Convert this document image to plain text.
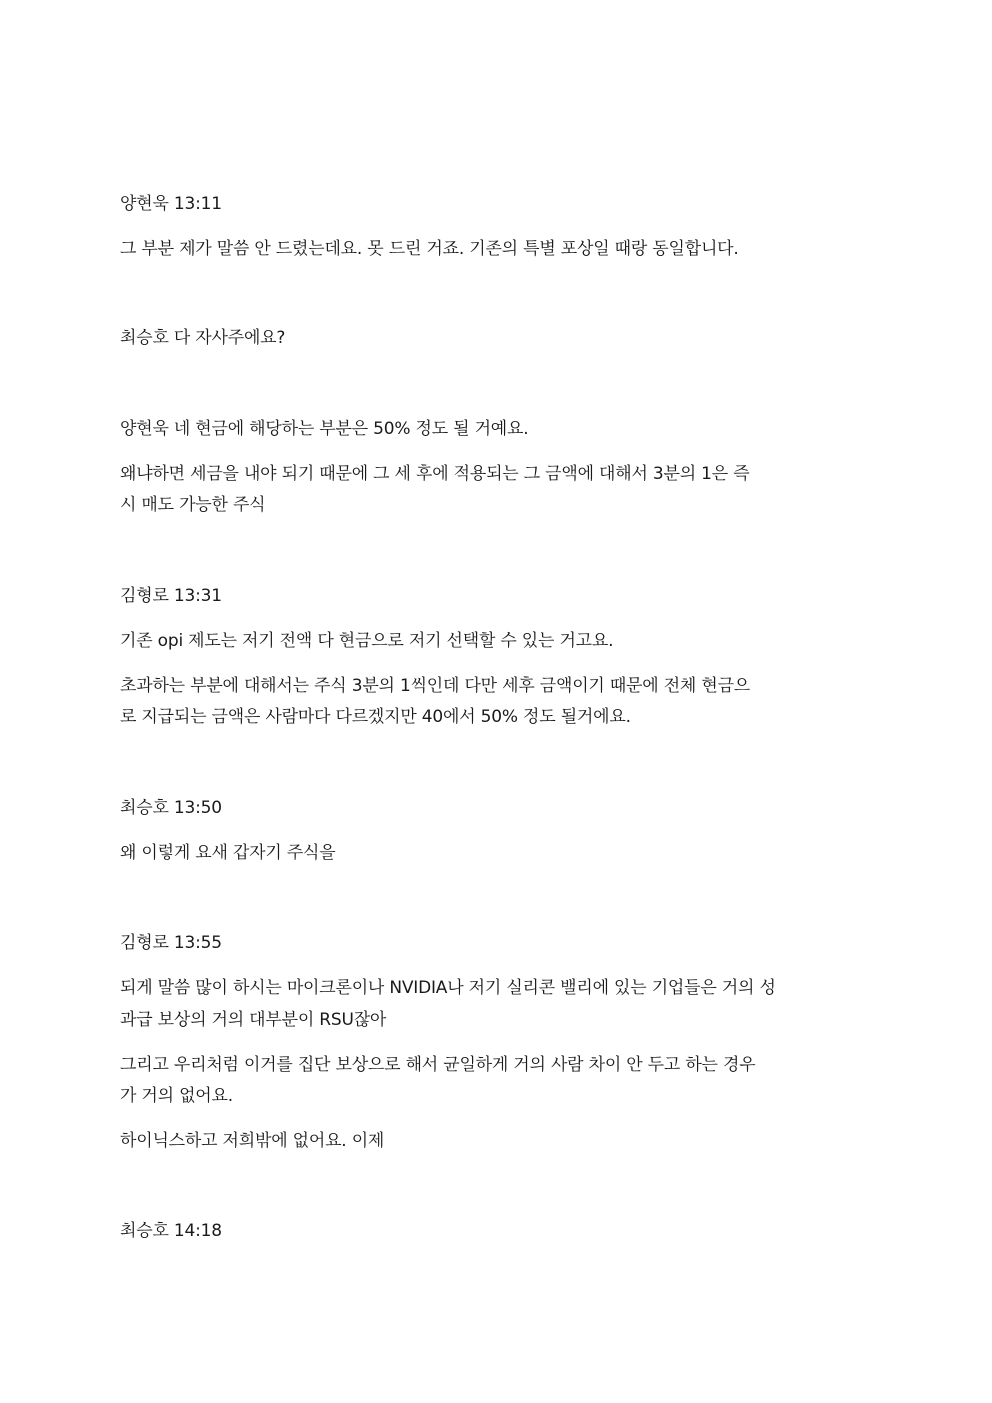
양현욱 13:11
그 부분 제가 말씀 안 드렸는데요. 못 드린 거죠. 기존의 특별 포상일 때랑 동일합니다.
최승호 다 자사주에요?
양현욱 네 현금에 해당하는 부분은 50% 정도 될 거예요.
왜냐하면 세금을 내야 되기 때문에 그 세 후에 적용되는 그 금액에 대해서 3분의 1은 즉
시 매도 가능한 주식
김형로 13:31
기존 opi 제도는 저기 전액 다 현금으로 저기 선택할 수 있는 거고요.
초과하는 부분에 대해서는 주식 3분의 1씩인데 다만 세후 금액이기 때문에 전체 현금으
로 지급되는 금액은 사람마다 다르겠지만 40에서 50% 정도 될거에요.
최승호 13:50
왜 이렇게 요새 갑자기 주식을
김형로 13:55
되게 말씀 많이 하시는 마이크론이나 NVIDIA나 저기 실리콘 밸리에 있는 기업들은 거의 성
과급 보상의 거의 대부분이 RSU잖아
그리고 우리처럼 이거를 집단 보상으로 해서 균일하게 거의 사람 차이 안 두고 하는 경우
가 거의 없어요.
하이닉스하고 저희밖에 없어요. 이제
최승호 14:18
